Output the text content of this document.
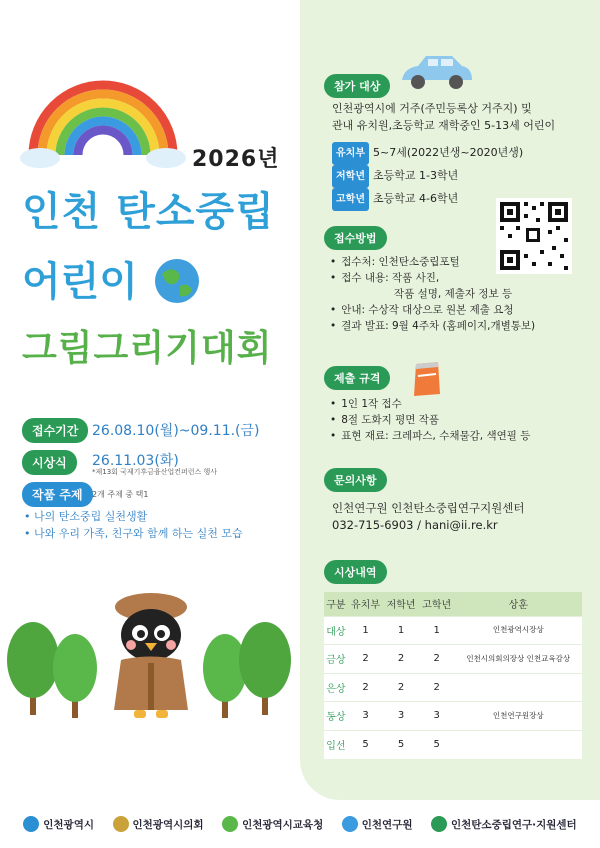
2026년
인천 탄소중립
어린이
그림그리기대회
접수기간 26.08.10(월)~09.11.(금)
시상식	26.11.03(화)
*제13회 국제기후금융산업컨퍼런스 행사
작품 주제	2개 주제 중 택1
• 나의 탄소중립 실천생활
• 나와 우리 가족, 친구와 함께 하는 실천 모습
참가 대상
인천광역시에 거주(주민등록상 거주지) 및
관내 유치원,초등학교 재학중인 5-13세 어린이
유치부 5~7세(2022년생~2020년생)
저학년 초등학교 1-3학년
고학년 초등학교 4-6학년
접수방법
• 접수처: 인천탄소중립포털
• 접수 내용: 작품 사진,
작품 설명, 제출자 정보 등
• 안내: 수상작 대상으로 원본 제출 요청
• 결과 발표: 9월 4주차 (홈페이지,개별통보)
제출 규격
• 1인 1작 접수
• 8절 도화지 평면 작품
• 표현 재료: 크레파스, 수채물감, 색연필 등
문의사항
인천연구원 인천탄소중립연구지원센터
032-715-6903 / hani@ii.re.kr
시상내역
구분	유치부	저학년	고학년	상훈
대상	1	1	1	인천광역시장상
금상	2	2	2	인천시의회의장상 인천교육감상
은상	2	2	2	
동상	3	3	3	인천연구원장상
입선	5	5	5	
인천광역시	인천광역시의회	인천광역시교육청	인천연구원	인천탄소중립연구·지원센터
